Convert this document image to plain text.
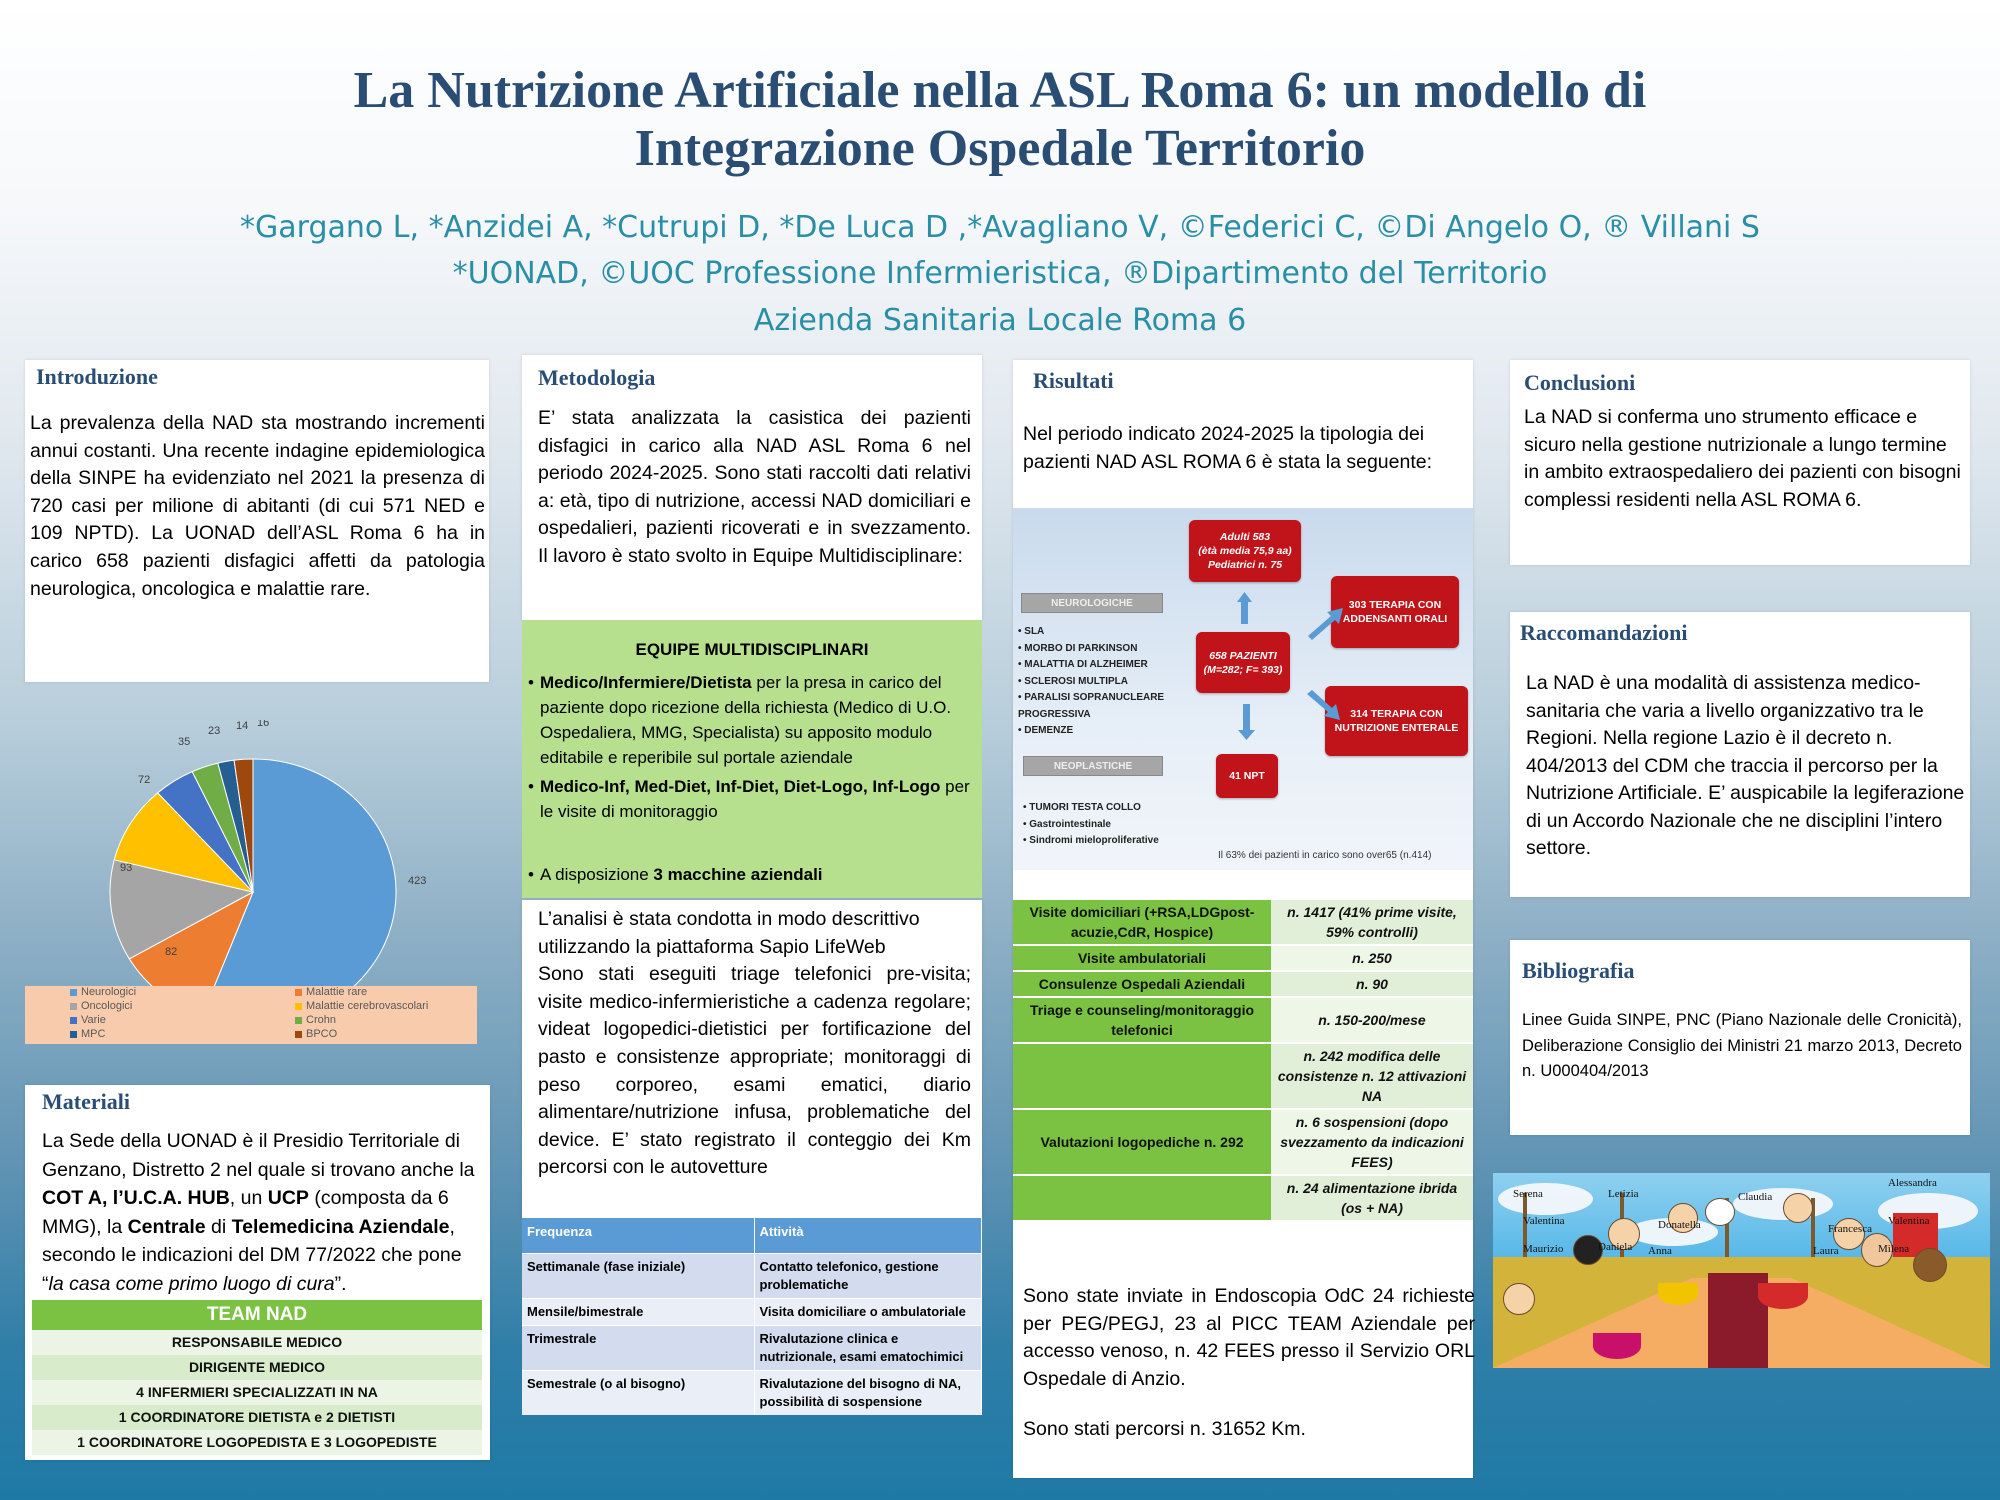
La Nutrizione Artificiale nella ASL Roma 6: un modello di
Integrazione Ospedale Territorio
*Gargano L, *Anzidei A, *Cutrupi D, *De Luca D ,*Avagliano V, ©Federici C, ©Di Angelo O, ® Villani S
*UONAD, ©UOC Professione Infermieristica, ®Dipartimento del Territorio
Azienda Sanitaria Locale Roma 6
Introduzione
La prevalenza della NAD sta mostrando incrementi annui costanti. Una recente indagine epidemiologica della SINPE ha evidenziato nel 2021 la presenza di 720 casi per milione di abitanti (di cui 571 NED e 109 NPTD). La UONAD dell’ASL Roma 6 ha in carico 658 pazienti disfagici affetti da patologia neurologica, oncologica e malattie rare.
423
82
93
72
35
23 14 16
Neurologici	Malattie rare
Oncologici	Malattie cerebrovascolari
Varie	Crohn
MPC	BPCO
Materiali
La Sede della UONAD è il Presidio Territoriale di Genzano, Distretto 2 nel quale si trovano anche la COT A, l’U.C.A. HUB, un UCP (composta da 6 MMG), la Centrale di Telemedicina Aziendale, secondo le indicazioni del DM 77/2022 che pone “la casa come primo luogo di cura”.
TEAM NAD
RESPONSABILE MEDICO
DIRIGENTE MEDICO
4 INFERMIERI SPECIALIZZATI IN NA
1 COORDINATORE DIETISTA e 2 DIETISTI
1 COORDINATORE LOGOPEDISTA E 3 LOGOPEDISTE
Metodologia
E’ stata analizzata la casistica dei pazienti disfagici in carico alla NAD ASL Roma 6 nel periodo 2024-2025. Sono stati raccolti dati relativi a: età, tipo di nutrizione, accessi NAD domiciliari e ospedalieri, pazienti ricoverati e in svezzamento. Il lavoro è stato svolto in Equipe Multidisciplinare:
EQUIPE MULTIDISCIPLINARI
• Medico/Infermiere/Dietista per la presa in carico del paziente dopo ricezione della richiesta (Medico di U.O. Ospedaliera, MMG, Specialista) su apposito modulo editabile e reperibile sul portale aziendale
• Medico-Inf, Med-Diet, Inf-Diet, Diet-Logo, Inf-Logo per le visite di monitoraggio
• A disposizione 3 macchine aziendali
L’analisi è stata condotta in modo descrittivo utilizzando la piattaforma Sapio LifeWeb
Sono stati eseguiti triage telefonici pre-visita; visite medico-infermieristiche a cadenza regolare; videat logopedici-dietistici per fortificazione del pasto e consistenze appropriate; monitoraggi di peso corporeo, esami ematici, diario alimentare/nutrizione infusa, problematiche del device. E’ stato registrato il conteggio dei Km percorsi con le autovetture
Frequenza	Attività
Settimanale (fase iniziale)	Contatto telefonico, gestione problematiche
Mensile/bimestrale	Visita domiciliare o ambulatoriale
Trimestrale	Rivalutazione clinica e nutrizionale, esami ematochimici
Semestrale (o al bisogno)	Rivalutazione del bisogno di NA, possibilità di sospensione
Risultati
Nel periodo indicato 2024-2025 la tipologia dei pazienti NAD ASL ROMA 6 è stata la seguente:
NEUROLOGICHE
• SLA
• MORBO DI PARKINSON
• MALATTIA DI ALZHEIMER
• SCLEROSI MULTIPLA
• PARALISI SOPRANUCLEARE PROGRESSIVA
• DEMENZE
NEOPLASTICHE
• TUMORI TESTA COLLO
• Gastrointestinale
• Sindromi mieloproliferative
Adulti 583
(ètà media 75,9 aa)
Pediatrici n. 75
658 PAZIENTI
(M=282; F= 393)
303 TERAPIA CON
ADDENSANTI ORALI
314 TERAPIA CON
NUTRIZIONE ENTERALE
41 NPT
Il 63% dei pazienti in carico sono over65 (n.414)
Visite domiciliari (+RSA,LDGpost-acuzie,CdR, Hospice)	n. 1417 (41% prime visite, 59% controlli)
Visite ambulatoriali	n. 250
Consulenze Ospedali Aziendali	n. 90
Triage e counseling/monitoraggio telefonici	n. 150-200/mese
	n. 242 modifica delle consistenze n. 12 attivazioni NA
Valutazioni logopediche n. 292	n. 6 sospensioni (dopo svezzamento da indicazioni FEES)
	n. 24 alimentazione ibrida (os + NA)
Sono state inviate in Endoscopia OdC 24 richieste per PEG/PEGJ, 23 al PICC TEAM Aziendale per accesso venoso, n. 42 FEES presso il Servizio ORL Ospedale di Anzio.
Sono stati percorsi n. 31652 Km.
Conclusioni
La NAD si conferma uno strumento efficace e sicuro nella gestione nutrizionale a lungo termine in ambito extraospedaliero dei pazienti con bisogni complessi residenti nella ASL ROMA 6.
Raccomandazioni
La NAD è una modalità di assistenza medico-sanitaria che varia a livello organizzativo tra le Regioni. Nella regione Lazio è il decreto n. 404/2013 del CDM che traccia il percorso per la Nutrizione Artificiale. E’ auspicabile la legiferazione di un Accordo Nazionale che ne disciplini l’intero settore.
Bibliografia
Linee Guida SINPE, PNC (Piano Nazionale delle Cronicità), Deliberazione Consiglio dei Ministri 21 marzo 2013, Decreto n. U000404/2013
Serena	Letizia	Claudia
Alessandra
Valentina	Donatella	Francesca
Valentina
Milena
Maurizio	Daniela Anna	Laura
